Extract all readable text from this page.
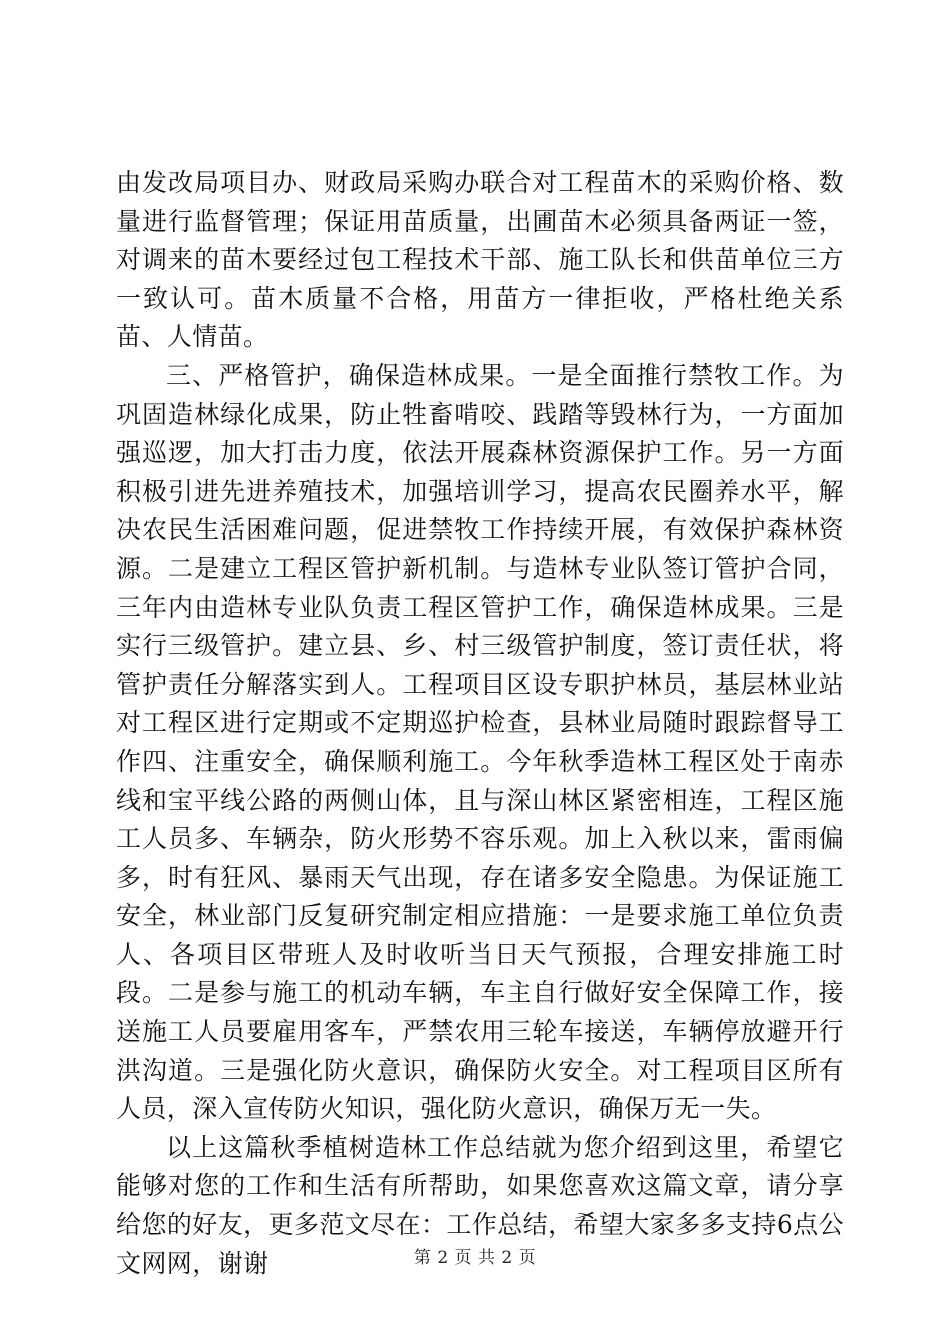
由发改局项目办、财政局采购办联合对工程苗木的采购价格、数量进行监督管理；保证用苗质量，出圃苗木必须具备两证一签，对调来的苗木要经过包工程技术干部、施工队长和供苗单位三方一致认可。苗木质量不合格，用苗方一律拒收，严格杜绝关系苗、人情苗。

三、严格管护，确保造林成果。一是全面推行禁牧工作。为巩固造林绿化成果，防止牲畜啃咬、践踏等毁林行为，一方面加强巡逻，加大打击力度，依法开展森林资源保护工作。另一方面积极引进先进养殖技术，加强培训学习，提高农民圈养水平，解决农民生活困难问题，促进禁牧工作持续开展，有效保护森林资源。二是建立工程区管护新机制。与造林专业队签订管护合同，三年内由造林专业队负责工程区管护工作，确保造林成果。三是实行三级管护。建立县、乡、村三级管护制度，签订责任状，将管护责任分解落实到人。工程项目区设专职护林员，基层林业站对工程区进行定期或不定期巡护检查，县林业局随时跟踪督导工作四、注重安全，确保顺利施工。今年秋季造林工程区处于南赤线和宝平线公路的两侧山体，且与深山林区紧密相连，工程区施工人员多、车辆杂，防火形势不容乐观。加上入秋以来，雷雨偏多，时有狂风、暴雨天气出现，存在诸多安全隐患。为保证施工安全，林业部门反复研究制定相应措施：一是要求施工单位负责人、各项目区带班人及时收听当日天气预报，合理安排施工时段。二是参与施工的机动车辆，车主自行做好安全保障工作，接送施工人员要雇用客车，严禁农用三轮车接送，车辆停放避开行洪沟道。三是强化防火意识，确保防火安全。对工程项目区所有人员，深入宣传防火知识，强化防火意识，确保万无一失。

以上这篇秋季植树造林工作总结就为您介绍到这里，希望它能够对您的工作和生活有所帮助，如果您喜欢这篇文章，请分享给您的好友，更多范文尽在：工作总结，希望大家多多支持6点公文网网，谢谢	第 2 页 共 2 页
